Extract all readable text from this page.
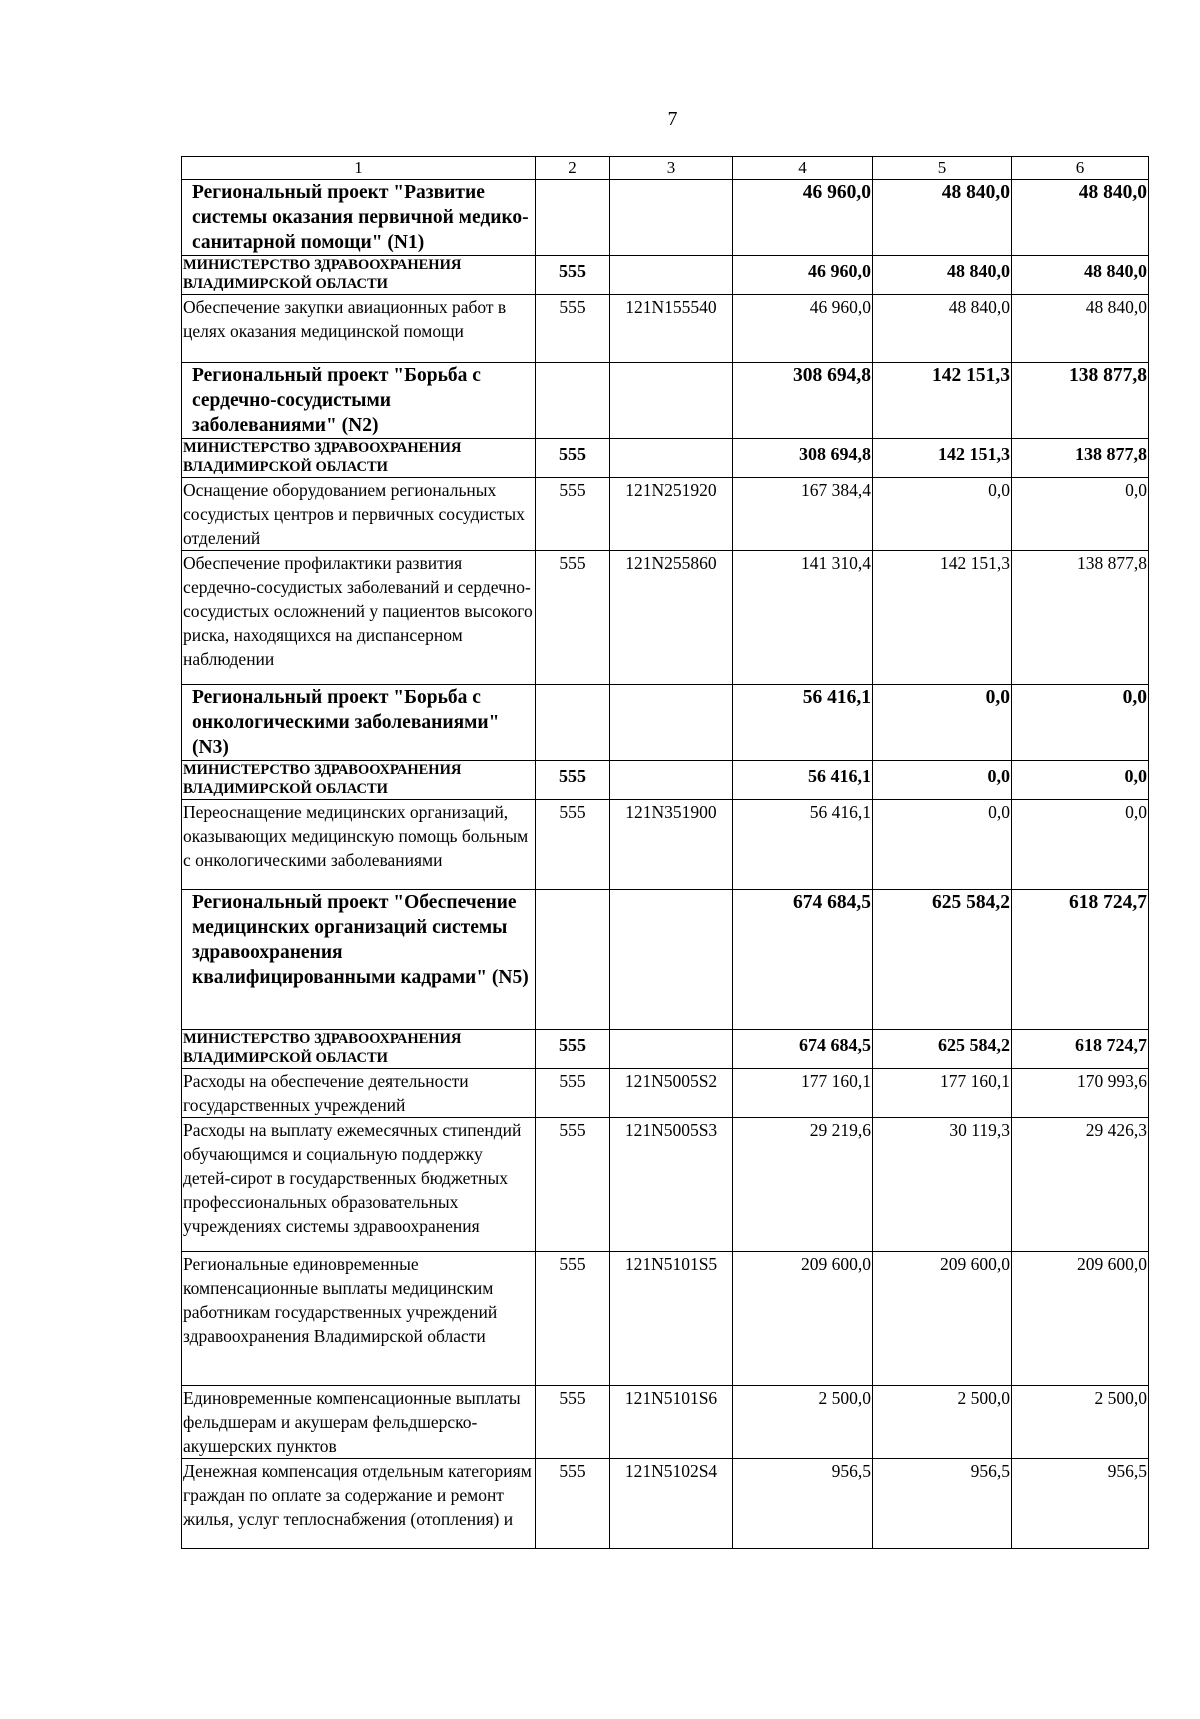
7
1	2	3	4	5	6
Региональный проект "Развитие системы оказания первичной медико-санитарной помощи" (N1)			46 960,0	48 840,0	48 840,0
МИНИСТЕРСТВО ЗДРАВООХРАНЕНИЯ ВЛАДИМИРСКОЙ ОБЛАСТИ	555		46 960,0	48 840,0	48 840,0
Обеспечение закупки авиационных работ в целях оказания медицинской помощи	555	121N155540	46 960,0	48 840,0	48 840,0
Региональный проект "Борьба с сердечно-сосудистыми заболеваниями" (N2)			308 694,8	142 151,3	138 877,8
МИНИСТЕРСТВО ЗДРАВООХРАНЕНИЯ ВЛАДИМИРСКОЙ ОБЛАСТИ	555		308 694,8	142 151,3	138 877,8
Оснащение оборудованием региональных сосудистых центров и первичных сосудистых отделений	555	121N251920	167 384,4	0,0	0,0
Обеспечение профилактики развития сердечно-сосудистых заболеваний и сердечно-сосудистых осложнений у пациентов высокого риска, находящихся на диспансерном наблюдении	555	121N255860	141 310,4	142 151,3	138 877,8
Региональный проект "Борьба с онкологическими заболеваниями" (N3)			56 416,1	0,0	0,0
МИНИСТЕРСТВО ЗДРАВООХРАНЕНИЯ ВЛАДИМИРСКОЙ ОБЛАСТИ	555		56 416,1	0,0	0,0
Переоснащение медицинских организаций, оказывающих медицинскую помощь больным с онкологическими заболеваниями	555	121N351900	56 416,1	0,0	0,0
Региональный проект "Обеспечение медицинских организаций системы здравоохранения квалифицированными кадрами" (N5)			674 684,5	625 584,2	618 724,7
МИНИСТЕРСТВО ЗДРАВООХРАНЕНИЯ ВЛАДИМИРСКОЙ ОБЛАСТИ	555		674 684,5	625 584,2	618 724,7
Расходы на обеспечение деятельности государственных учреждений	555	121N5005S2	177 160,1	177 160,1	170 993,6
Расходы на выплату ежемесячных стипендий обучающимся и социальную поддержку детей-сирот в государственных бюджетных профессиональных образовательных учреждениях системы здравоохранения	555	121N5005S3	29 219,6	30 119,3	29 426,3
Региональные единовременные компенсационные выплаты медицинским работникам государственных учреждений здравоохранения Владимирской области	555	121N5101S5	209 600,0	209 600,0	209 600,0
Единовременные компенсационные выплаты фельдшерам и акушерам фельдшерско-акушерских пунктов	555	121N5101S6	2 500,0	2 500,0	2 500,0
Денежная компенсация отдельным категориям граждан по оплате за содержание и ремонт жилья, услуг теплоснабжения (отопления) и	555	121N5102S4	956,5	956,5	956,5
